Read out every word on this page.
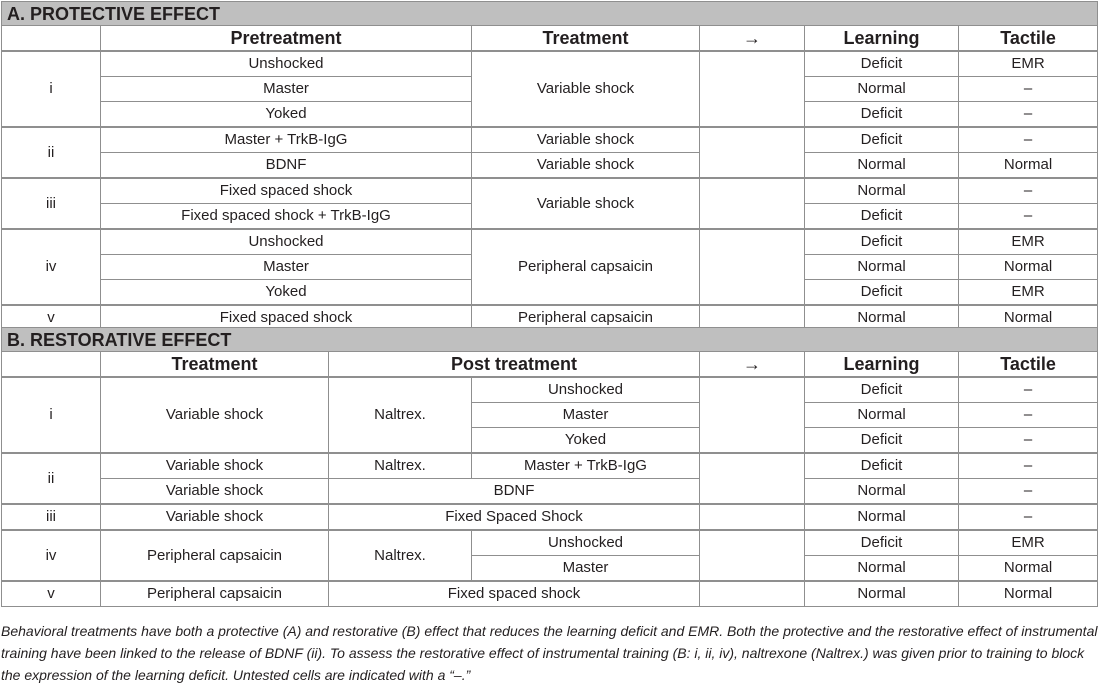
A. PROTECTIVE EFFECT					
	Pretreatment	Treatment	→	Learning	Tactile
i	Unshocked	Variable shock		Deficit	EMR
	Master			Normal	–
	Yoked			Deficit	–
ii	Master + TrkB-IgG	Variable shock		Deficit	–
	BDNF	Variable shock		Normal	Normal
iii	Fixed spaced shock	Variable shock		Normal	–
	Fixed spaced shock + TrkB-IgG			Deficit	–
iv	Unshocked	Peripheral capsaicin		Deficit	EMR
	Master			Normal	Normal
	Yoked			Deficit	EMR
v	Fixed spaced shock	Peripheral capsaicin		Normal	Normal
B. RESTORATIVE EFFECT						
	Treatment	Post treatment		→	Learning	Tactile
i	Variable shock	Naltrex.	Unshocked		Deficit	–
			Master		Normal	–
			Yoked		Deficit	–
ii	Variable shock	Naltrex.	Master + TrkB-IgG		Deficit	–
	Variable shock	BDNF			Normal	–
iii	Variable shock	Fixed Spaced Shock			Normal	–
iv	Peripheral capsaicin	Naltrex.	Unshocked		Deficit	EMR
			Master		Normal	Normal
v	Peripheral capsaicin	Fixed spaced shock			Normal	Normal

Behavioral treatments have both a protective (A) and restorative (B) effect that reduces the learning deficit and EMR. Both the protective and the restorative effect of instrumental training have been linked to the release of BDNF (ii). To assess the restorative effect of instrumental training (B: i, ii, iv), naltrexone (Naltrex.) was given prior to training to block the expression of the learning deficit. Untested cells are indicated with a “–.”
